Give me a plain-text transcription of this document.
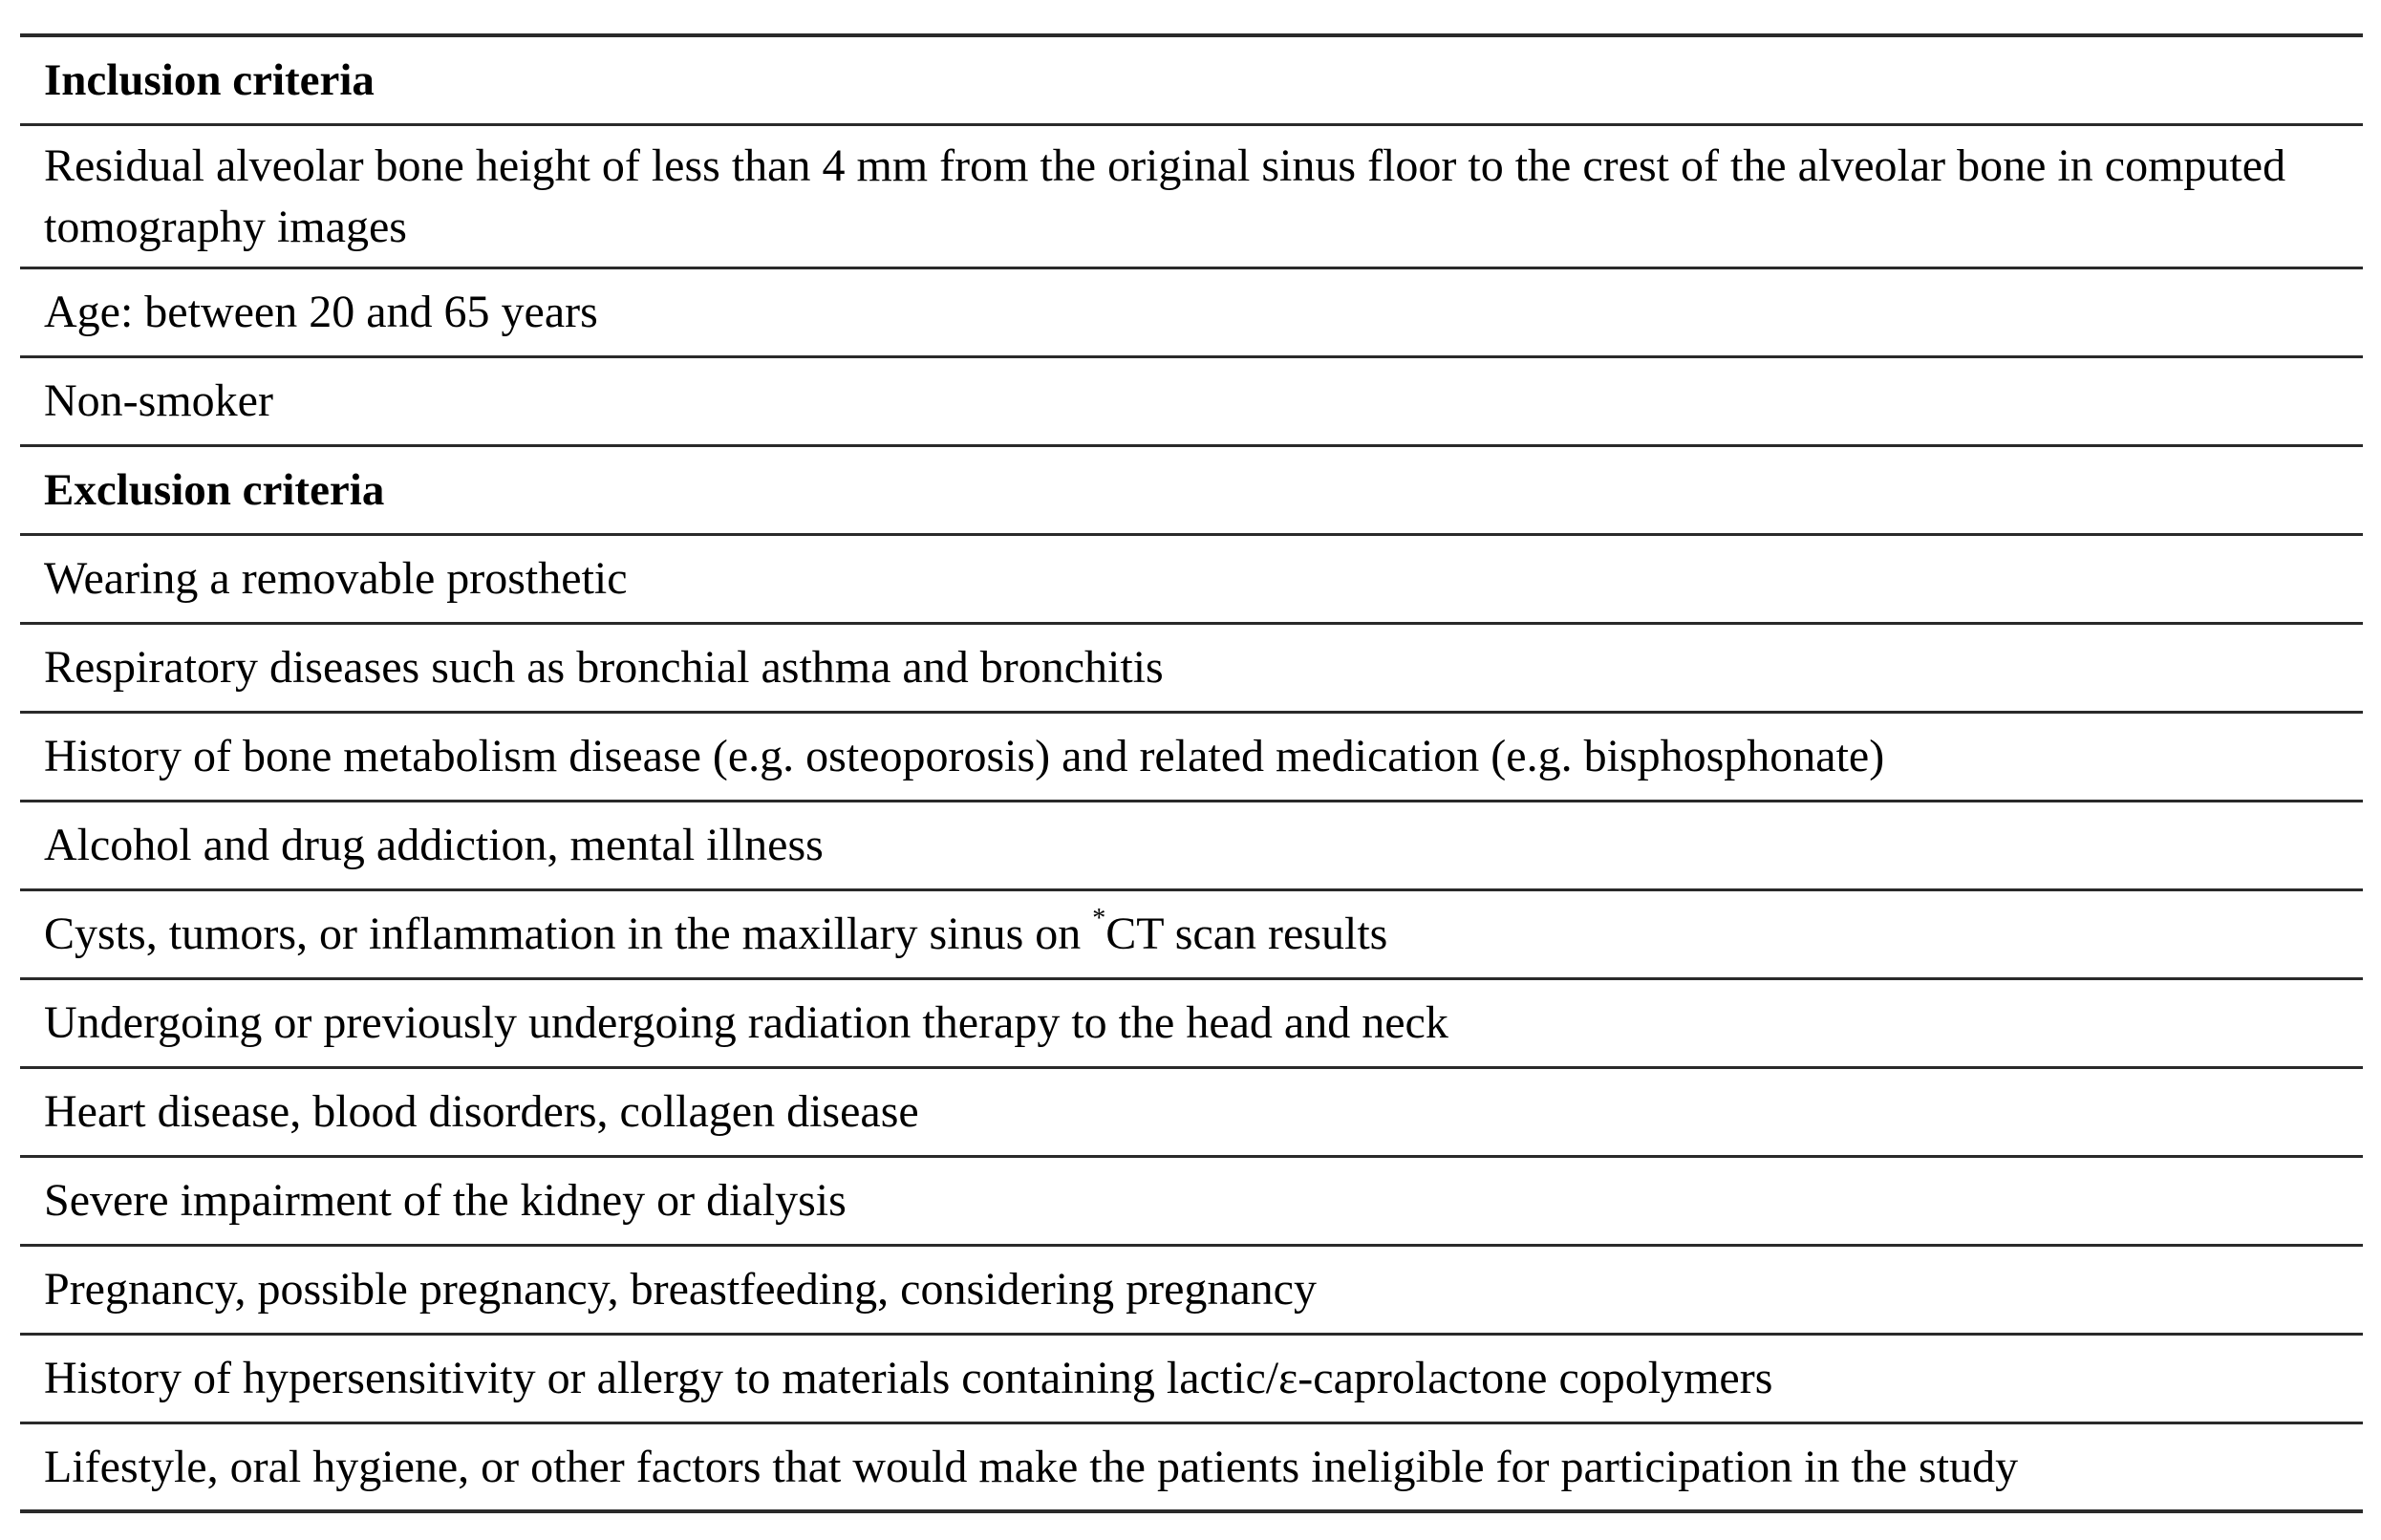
Inclusion criteria
Residual alveolar bone height of less than 4 mm from the original sinus floor to the crest of the alveolar bone in computed tomography images
Age: between 20 and 65 years
Non-smoker
Exclusion criteria
Wearing a removable prosthetic
Respiratory diseases such as bronchial asthma and bronchitis
History of bone metabolism disease (e.g. osteoporosis) and related medication (e.g. bisphosphonate)
Alcohol and drug addiction, mental illness
Cysts, tumors, or inflammation in the maxillary sinus on *CT scan results
Undergoing or previously undergoing radiation therapy to the head and neck
Heart disease, blood disorders, collagen disease
Severe impairment of the kidney or dialysis
Pregnancy, possible pregnancy, breastfeeding, considering pregnancy
History of hypersensitivity or allergy to materials containing lactic/ε-caprolactone copolymers
Lifestyle, oral hygiene, or other factors that would make the patients ineligible for participation in the study
